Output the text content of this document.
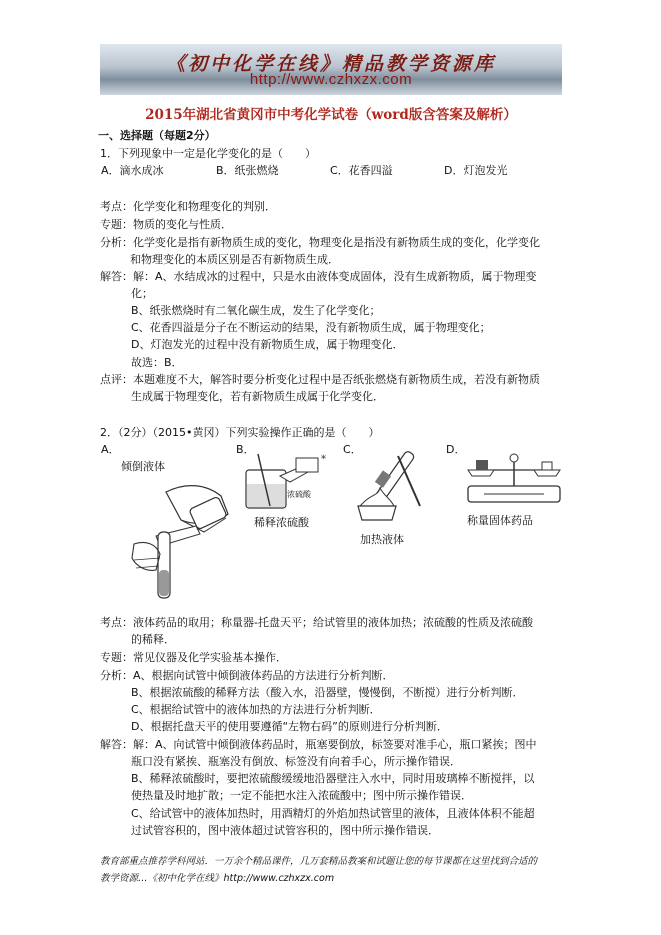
《初中化学在线》精品教学资源库
http://www.czhxzx.com
2015年湖北省黄冈市中考化学试卷（word版含答案及解析）
一、选择题（每题2分）
1．下列现象中一定是化学变化的是（　　）
A．滴水成冰	B．纸张燃烧	C．花香四溢	D．灯泡发光
考点：化学变化和物理变化的判别．
专题：物质的变化与性质．
分析：化学变化是指有新物质生成的变化，物理变化是指没有新物质生成的变化，化学变化
和物理变化的本质区别是否有新物质生成．
解答：解：A、水结成冰的过程中，只是水由液体变成固体，没有生成新物质，属于物理变
化；
B、纸张燃烧时有二氧化碳生成，发生了化学变化；
C、花香四溢是分子在不断运动的结果，没有新物质生成，属于物理变化；
D、灯泡发光的过程中没有新物质生成，属于物理变化．
故选：B．
点评：本题难度不大，解答时要分析变化过程中是否纸张燃烧有新物质生成，若没有新物质
生成属于物理变化，若有新物质生成属于化学变化．
2．（2分）（2015•黄冈）下列实验操作正确的是（　　）
A．	B．	C．	D．
倾倒液体
*
浓硫酸
稀释浓硫酸
加热液体
称量固体药品
考点：液体药品的取用；称量器-托盘天平；给试管里的液体加热；浓硫酸的性质及浓硫酸
的稀释．
专题：常见仪器及化学实验基本操作．
分析：A、根据向试管中倾倒液体药品的方法进行分析判断．
B、根据浓硫酸的稀释方法（酸入水，沿器壁，慢慢倒，不断搅）进行分析判断．
C、根据给试管中的液体加热的方法进行分析判断．
D、根据托盘天平的使用要遵循“左物右码”的原则进行分析判断．
解答：解：A、向试管中倾倒液体药品时，瓶塞要倒放，标签要对准手心，瓶口紧挨；图中
瓶口没有紧挨、瓶塞没有倒放、标签没有向着手心，所示操作错误．
B、稀释浓硫酸时，要把浓硫酸缓缓地沿器壁注入水中，同时用玻璃棒不断搅拌，以
使热量及时地扩散；一定不能把水注入浓硫酸中；图中所示操作错误．
C、给试管中的液体加热时，用酒精灯的外焰加热试管里的液体，且液体体积不能超
过试管容积的，图中液体超过试管容积的，图中所示操作错误．
教育部重点推荐学科网站．一万余个精品课件，几万套精品教案和试题让您的每节课都在这里找到合适的
教学资源…《初中化学在线》http://www.czhxzx.com
